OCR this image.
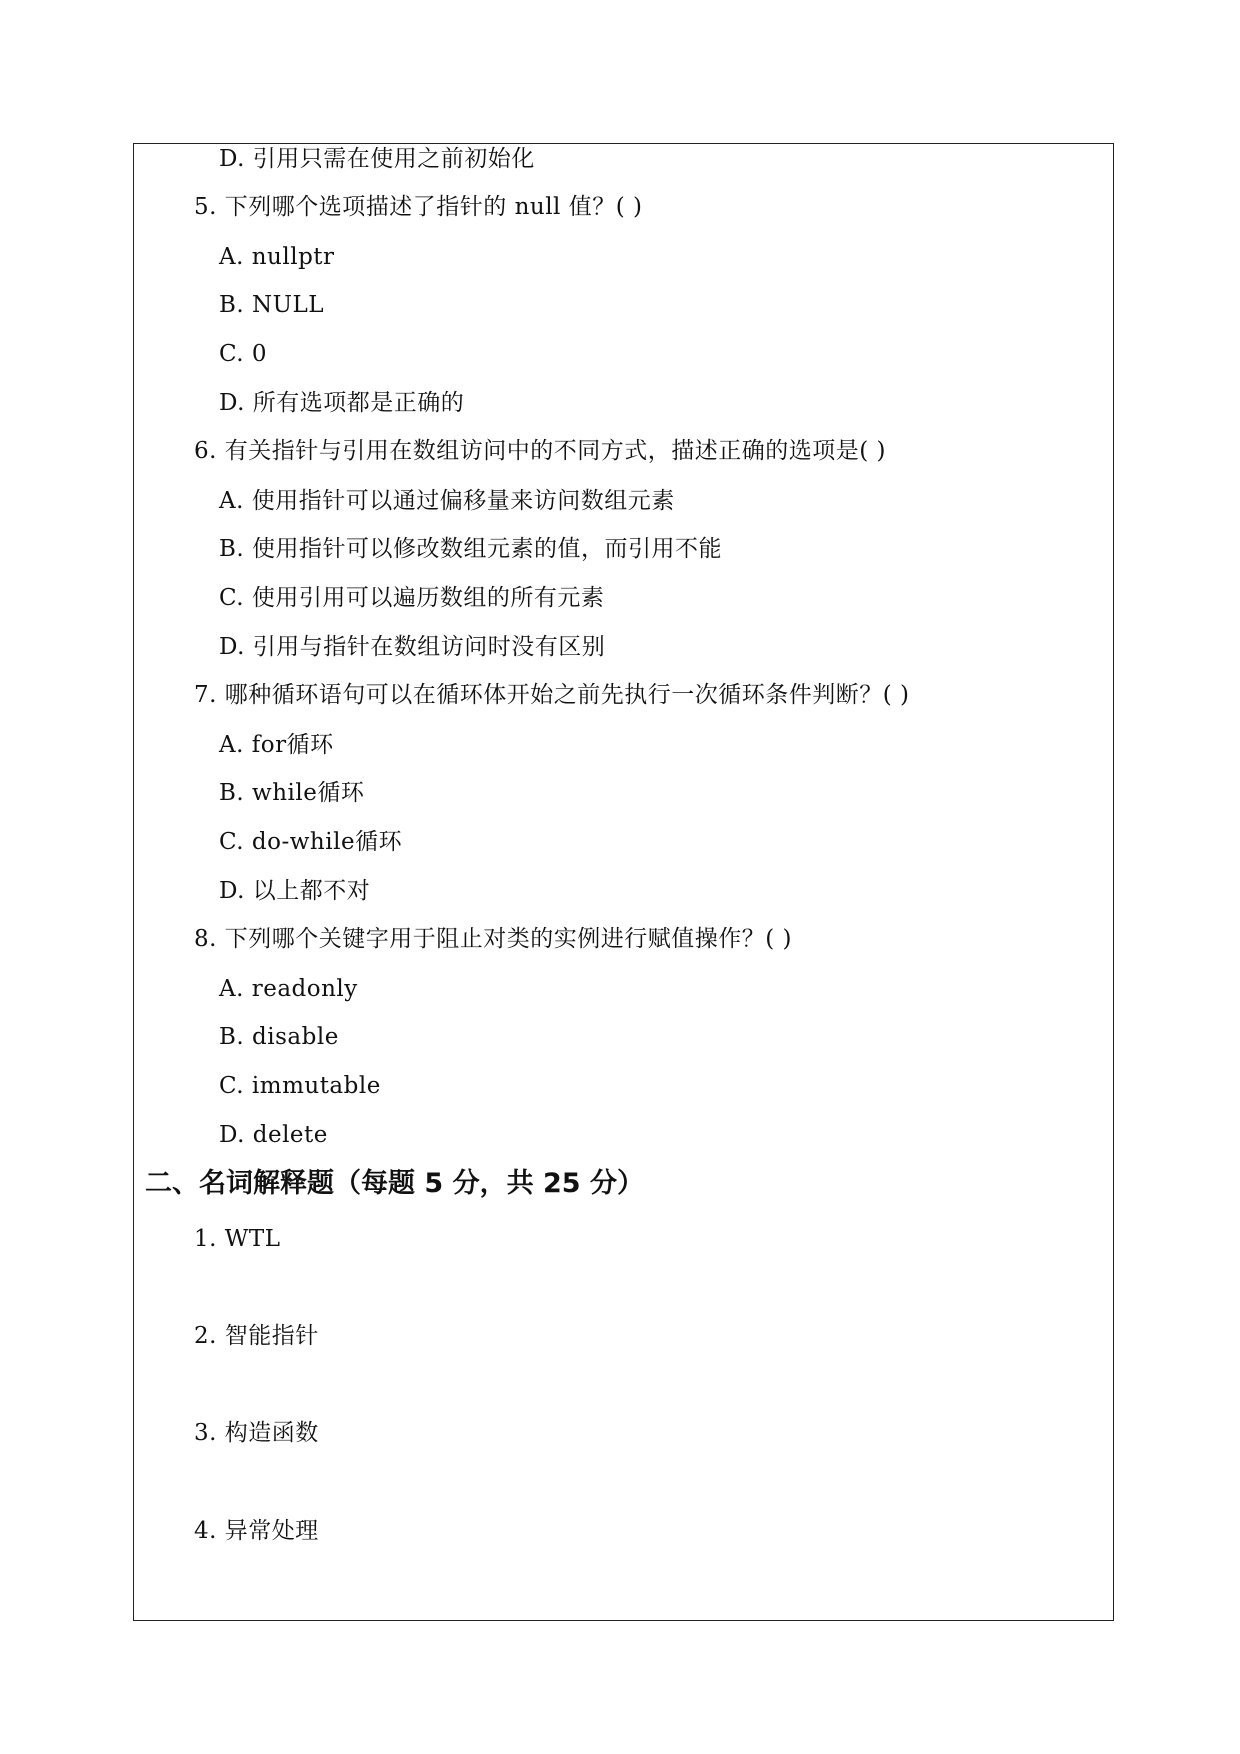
D. 引用只需在使用之前初始化
5. 下列哪个选项描述了指针的 null 值？( )
A. nullptr
B. NULL
C. 0
D. 所有选项都是正确的
6. 有关指针与引用在数组访问中的不同方式，描述正确的选项是( )
A. 使用指针可以通过偏移量来访问数组元素
B. 使用指针可以修改数组元素的值，而引用不能
C. 使用引用可以遍历数组的所有元素
D. 引用与指针在数组访问时没有区别
7. 哪种循环语句可以在循环体开始之前先执行一次循环条件判断？( )
A. for循环
B. while循环
C. do-while循环
D. 以上都不对
8. 下列哪个关键字用于阻止对类的实例进行赋值操作？( )
A. readonly
B. disable
C. immutable
D. delete
二、名词解释题（每题 5 分，共 25 分）
1. WTL
2. 智能指针
3. 构造函数
4. 异常处理
